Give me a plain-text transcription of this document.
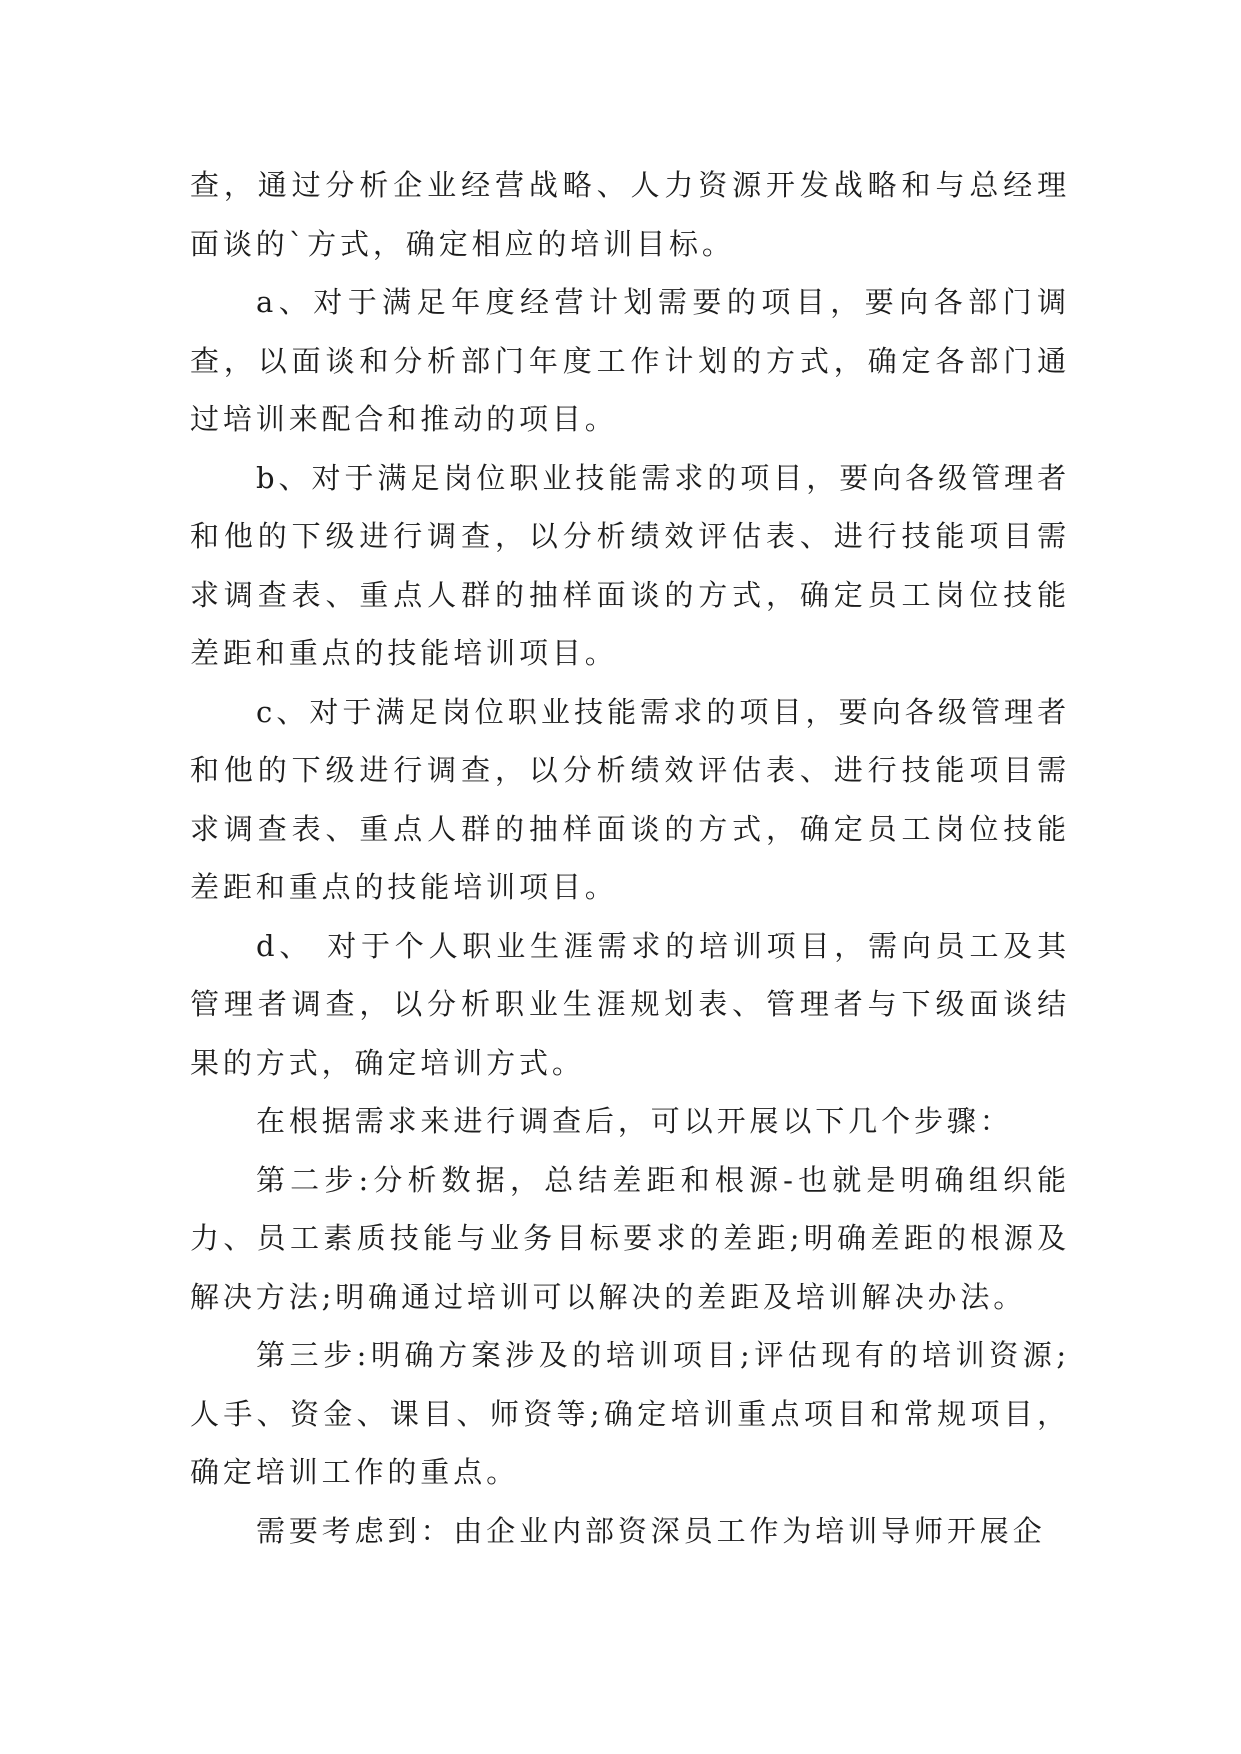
查，通过分析企业经营战略、人力资源开发战略和与总经理面谈的`方式，确定相应的培训目标。

a、对于满足年度经营计划需要的项目，要向各部门调查，以面谈和分析部门年度工作计划的方式，确定各部门通过培训来配合和推动的项目。

b、对于满足岗位职业技能需求的项目，要向各级管理者和他的下级进行调查，以分析绩效评估表、进行技能项目需求调查表、重点人群的抽样面谈的方式，确定员工岗位技能差距和重点的技能培训项目。

c、对于满足岗位职业技能需求的项目，要向各级管理者和他的下级进行调查，以分析绩效评估表、进行技能项目需求调查表、重点人群的抽样面谈的方式，确定员工岗位技能差距和重点的技能培训项目。

d、 对于个人职业生涯需求的培训项目，需向员工及其管理者调查，以分析职业生涯规划表、管理者与下级面谈结果的方式，确定培训方式。

在根据需求来进行调查后，可以开展以下几个步骤：

第二步:分析数据，总结差距和根源-也就是明确组织能力、员工素质技能与业务目标要求的差距;明确差距的根源及解决方法;明确通过培训可以解决的差距及培训解决办法。

第三步:明确方案涉及的培训项目;评估现有的培训资源;人手、资金、课目、师资等;确定培训重点项目和常规项目，确定培训工作的重点。

需要考虑到：由企业内部资深员工作为培训导师开展企
